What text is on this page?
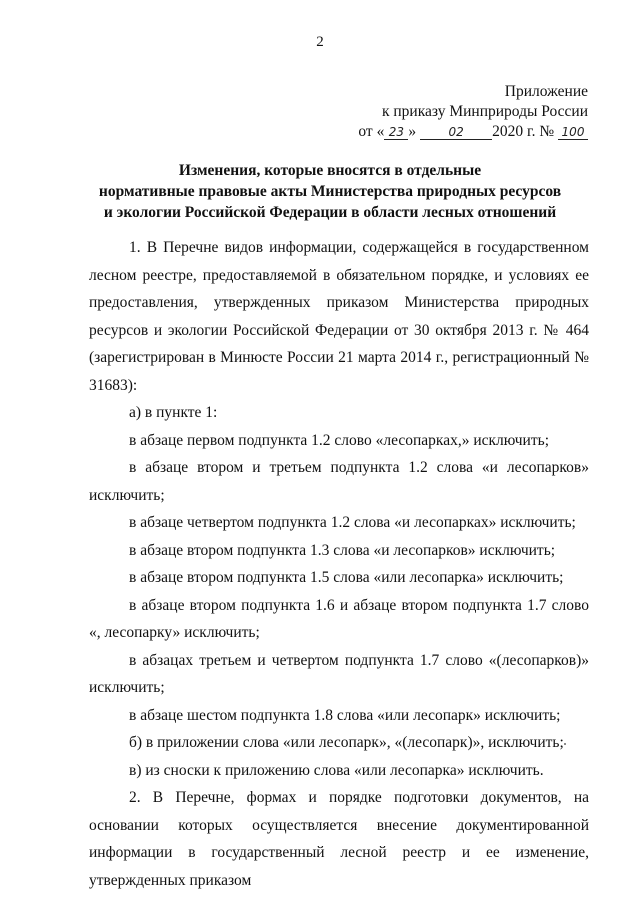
2
Приложение
к приказу Минприроды России
от « 23 »	02 2020 г. № 100
Изменения, которые вносятся в отдельные
нормативные правовые акты Министерства природных ресурсов
и экологии Российской Федерации в области лесных отношений

1. В Перечне видов информации, содержащейся в государственном лесном реестре, предоставляемой в обязательном порядке, и условиях ее предоставления, утвержденных приказом Министерства природных ресурсов и экологии Российской Федерации от 30 октября 2013 г. № 464 (зарегистрирован в Минюсте России 21 марта 2014 г., регистрационный № 31683):

а) в пункте 1:

в абзаце первом подпункта 1.2 слово «лесопарках,» исключить;

в абзаце втором и третьем подпункта 1.2 слова «и лесопарков» исключить;

в абзаце четвертом подпункта 1.2 слова «и лесопарках» исключить;

в абзаце втором подпункта 1.3 слова «и лесопарков» исключить;

в абзаце втором подпункта 1.5 слова «или лесопарка» исключить;

в абзаце втором подпункта 1.6 и абзаце втором подпункта 1.7 слово «, лесопарку» исключить;

в абзацах третьем и четвертом подпункта 1.7 слово «(лесопарков)» исключить;

в абзаце шестом подпункта 1.8 слова «или лесопарк» исключить;

б) в приложении слова «или лесопарк», «(лесопарк)», исключить;

в) из сноски к приложению слова «или лесопарка» исключить.

2. В Перечне, формах и порядке подготовки документов, на основании которых осуществляется внесение документированной информации в государственный лесной реестр и ее изменение, утвержденных приказом
